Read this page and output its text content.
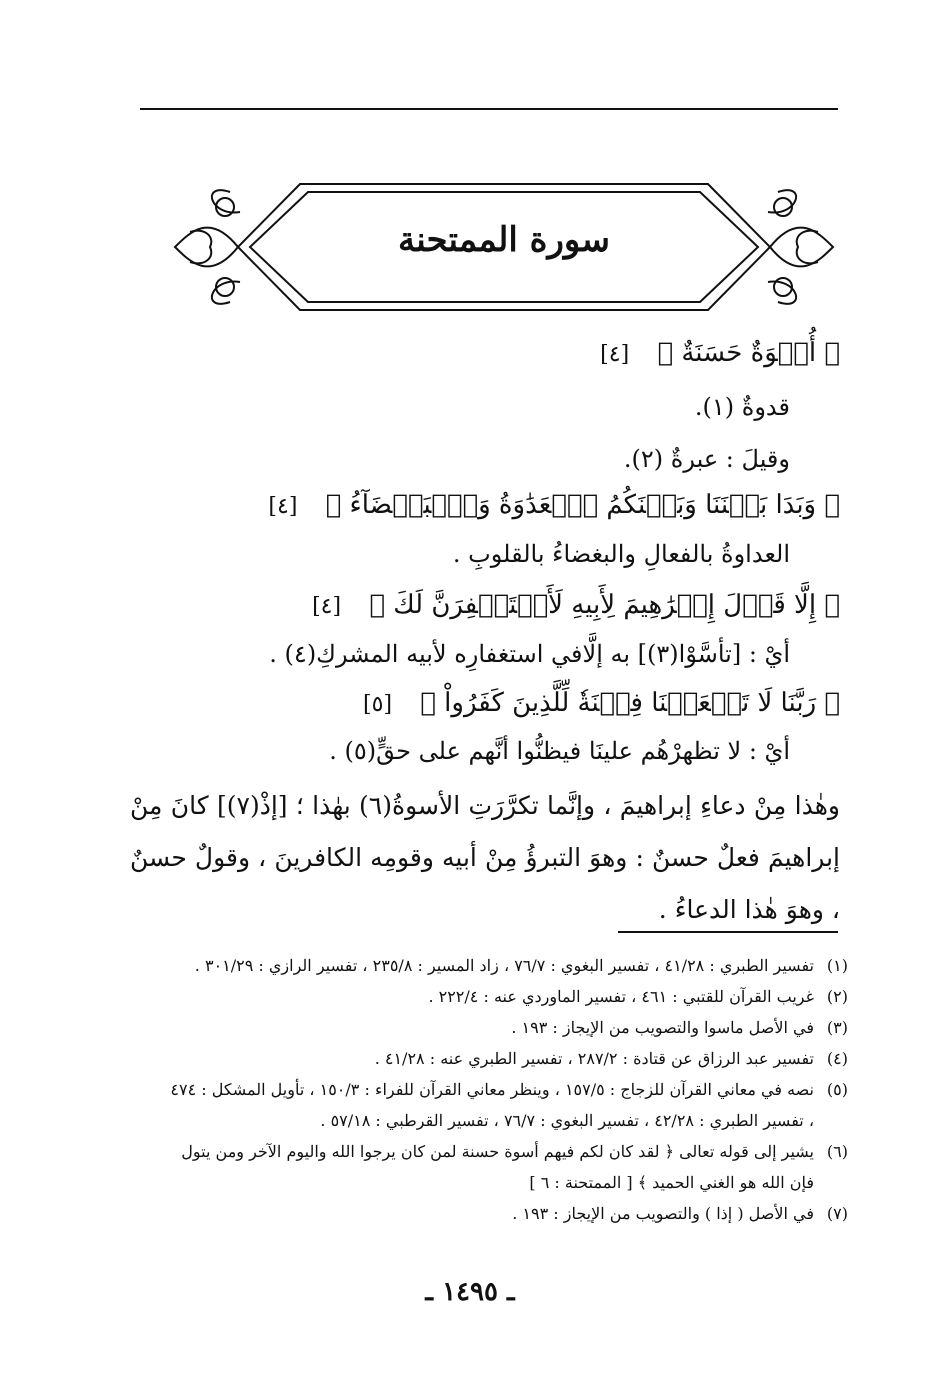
سورة الممتحنة
﴿ أُسۡوَةٌ حَسَنَةٌ ﴾ [٤]
قدوةٌ (١).
وقيلَ : عبرةٌ (٢).
﴿ وَبَدَا بَيۡنَنَا وَبَيۡنَكُمُ ٱلۡعَدَٰوَةُ وَٱلۡبَغۡضَآءُ ﴾ [٤]
العداوةُ بالفعالِ والبغضاءُ بالقلوبِ .
﴿ إِلَّا قَوۡلَ إِبۡرَٰهِيمَ لِأَبِيهِ لَأَسۡتَغۡفِرَنَّ لَكَ ﴾ [٤]
أيْ : [تأسَّوْا(٣)] به إلَّافي استغفارِه لأبيه المشركِ(٤) .
﴿ رَبَّنَا لَا تَجۡعَلۡنَا فِتۡنَةٗ لِّلَّذِينَ كَفَرُواْ ﴾ [٥]
أيْ : لا تظهرْهُم علينَا فيظنُّوا أنَّهم على حقٍّ(٥) .
وهٰذا مِنْ دعاءِ إبراهيمَ ، وإنَّما تكرَّرَتِ الأسوةُ(٦) بهٰذا ؛ [إذْ(٧)] كانَ مِنْ إبراهيمَ فعلٌ حسنٌ : وهوَ التبرؤُ مِنْ أبيه وقومِه الكافرينَ ، وقولٌ حسنٌ ، وهوَ هٰذا الدعاءُ .
(١)
تفسير الطبري : ٤١/٢٨ ، تفسير البغوي : ٧٦/٧ ، زاد المسير : ٢٣٥/٨ ، تفسير الرازي : ٣٠١/٢٩ .
(٢)
غريب القرآن للقتبي : ٤٦١ ، تفسير الماوردي عنه : ٢٢٢/٤ .
(٣)
في الأصل ماسوا والتصويب من الإيجاز : ١٩٣ .
(٤)
تفسير عبد الرزاق عن قتادة : ٢٨٧/٢ ، تفسير الطبري عنه : ٤١/٢٨ .
(٥)
نصه في معاني القرآن للزجاج : ١٥٧/٥ ، وينظر معاني القرآن للفراء : ١٥٠/٣ ، تأويل المشكل : ٤٧٤ ، تفسير الطبري : ٤٢/٢٨ ، تفسير البغوي : ٧٦/٧ ، تفسير القرطبي : ٥٧/١٨ .
(٦)
يشير إلى قوله تعالى ﴿ لقد كان لكم فيهم أسوة حسنة لمن كان يرجوا الله واليوم الآخر ومن يتول فإن الله هو الغني الحميد ﴾ [ الممتحنة : ٦ ]
(٧)
في الأصل ( إذا ) والتصويب من الإيجاز : ١٩٣ .
ـ ١٤٩٥ ـ
